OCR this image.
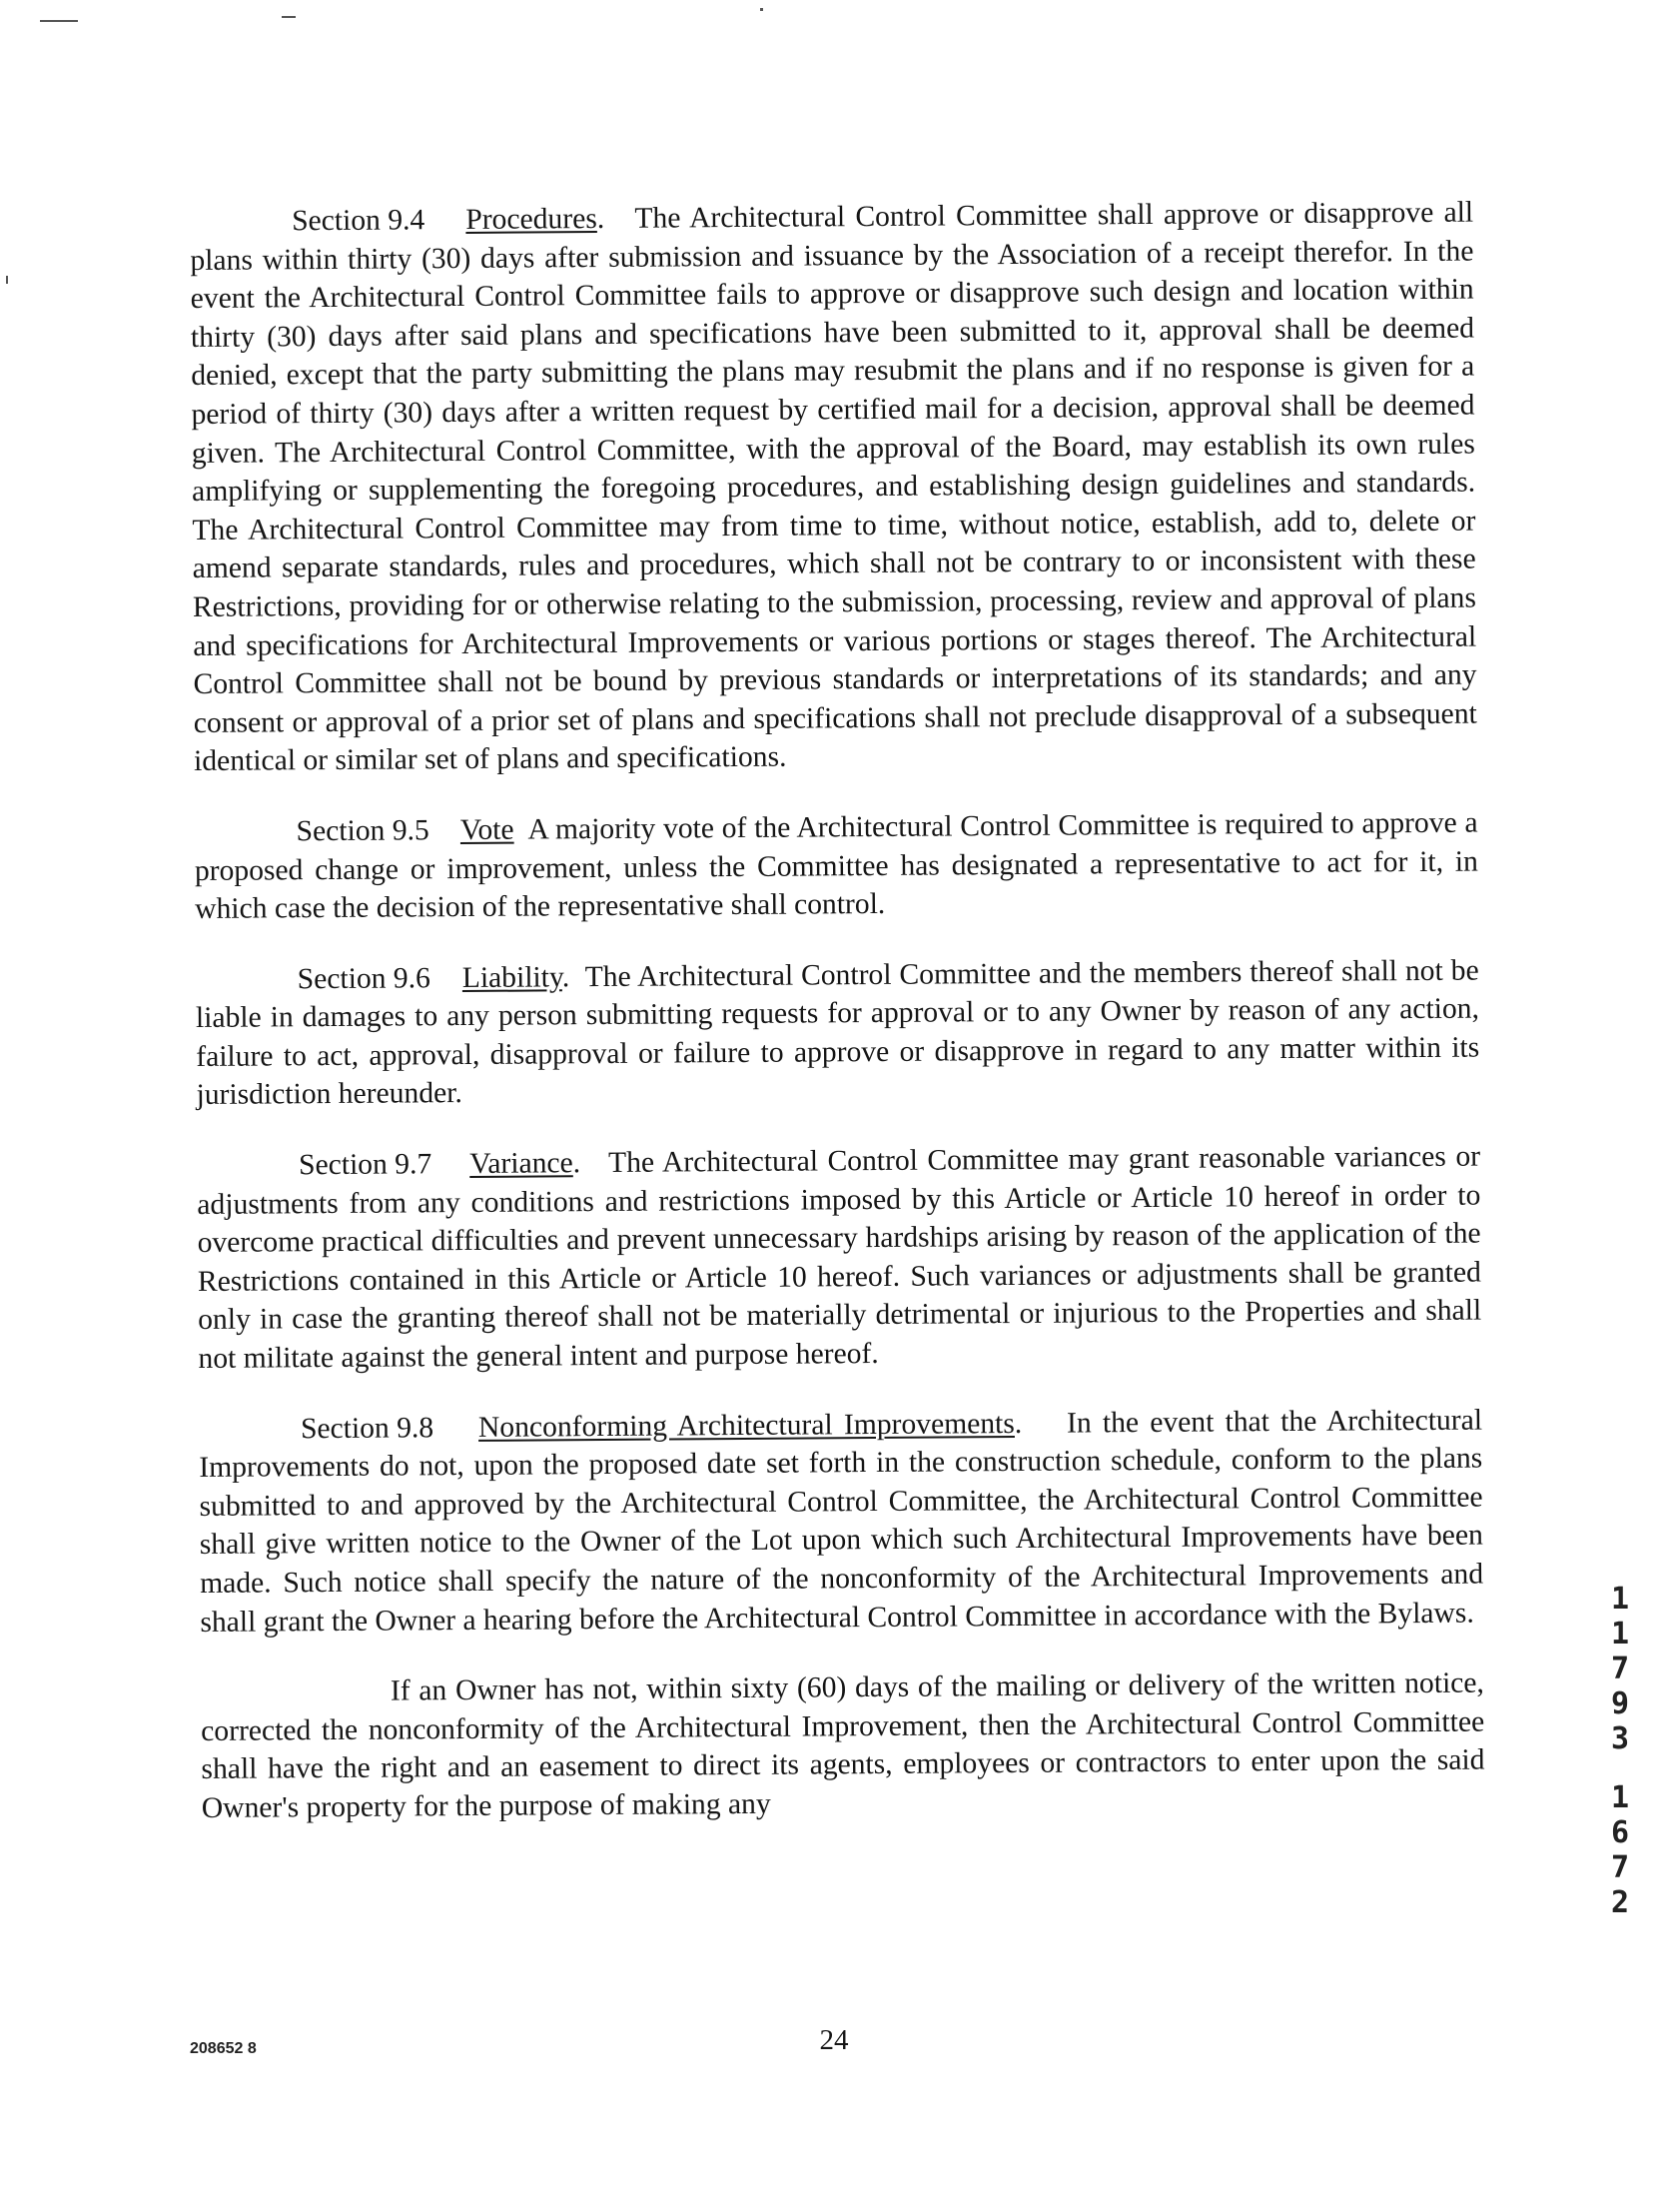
Section 9.4 Procedures. The Architectural Control Committee shall approve or disapprove all plans within thirty (30) days after submission and issuance by the Association of a receipt therefor. In the event the Architectural Control Committee fails to approve or disapprove such design and location within thirty (30) days after said plans and specifications have been submitted to it, approval shall be deemed denied, except that the party submitting the plans may resubmit the plans and if no response is given for a period of thirty (30) days after a written request by certified mail for a decision, approval shall be deemed given. The Architectural Control Committee, with the approval of the Board, may establish its own rules amplifying or supplementing the foregoing procedures, and establishing design guidelines and standards. The Architectural Control Committee may from time to time, without notice, establish, add to, delete or amend separate standards, rules and procedures, which shall not be contrary to or inconsistent with these Restrictions, providing for or otherwise relating to the submission, processing, review and approval of plans and specifications for Architectural Improvements or various portions or stages thereof. The Architectural Control Committee shall not be bound by previous standards or interpretations of its standards; and any consent or approval of a prior set of plans and specifications shall not preclude disapproval of a subsequent identical or similar set of plans and specifications.

Section 9.5 Vote A majority vote of the Architectural Control Committee is required to approve a proposed change or improvement, unless the Committee has designated a representative to act for it, in which case the decision of the representative shall control.

Section 9.6 Liability. The Architectural Control Committee and the members thereof shall not be liable in damages to any person submitting requests for approval or to any Owner by reason of any action, failure to act, approval, disapproval or failure to approve or disapprove in regard to any matter within its jurisdiction hereunder.

Section 9.7 Variance. The Architectural Control Committee may grant reasonable variances or adjustments from any conditions and restrictions imposed by this Article or Article 10 hereof in order to overcome practical difficulties and prevent unnecessary hardships arising by reason of the application of the Restrictions contained in this Article or Article 10 hereof. Such variances or adjustments shall be granted only in case the granting thereof shall not be materially detrimental or injurious to the Properties and shall not militate against the general intent and purpose hereof.

Section 9.8 Nonconforming Architectural Improvements. In the event that the Architectural Improvements do not, upon the proposed date set forth in the construction schedule, conform to the plans submitted to and approved by the Architectural Control Committee, the Architectural Control Committee shall give written notice to the Owner of the Lot upon which such Architectural Improvements have been made. Such notice shall specify the nature of the nonconformity of the Architectural Improvements and shall grant the Owner a hearing before the Architectural Control Committee in accordance with the Bylaws.

If an Owner has not, within sixty (60) days of the mailing or delivery of the written notice, corrected the nonconformity of the Architectural Improvement, then the Architectural Control Committee shall have the right and an easement to direct its agents, employees or contractors to enter upon the said Owner's property for the purpose of making any

1
1
7
9
3
1
6
7
2
208652 8	24
